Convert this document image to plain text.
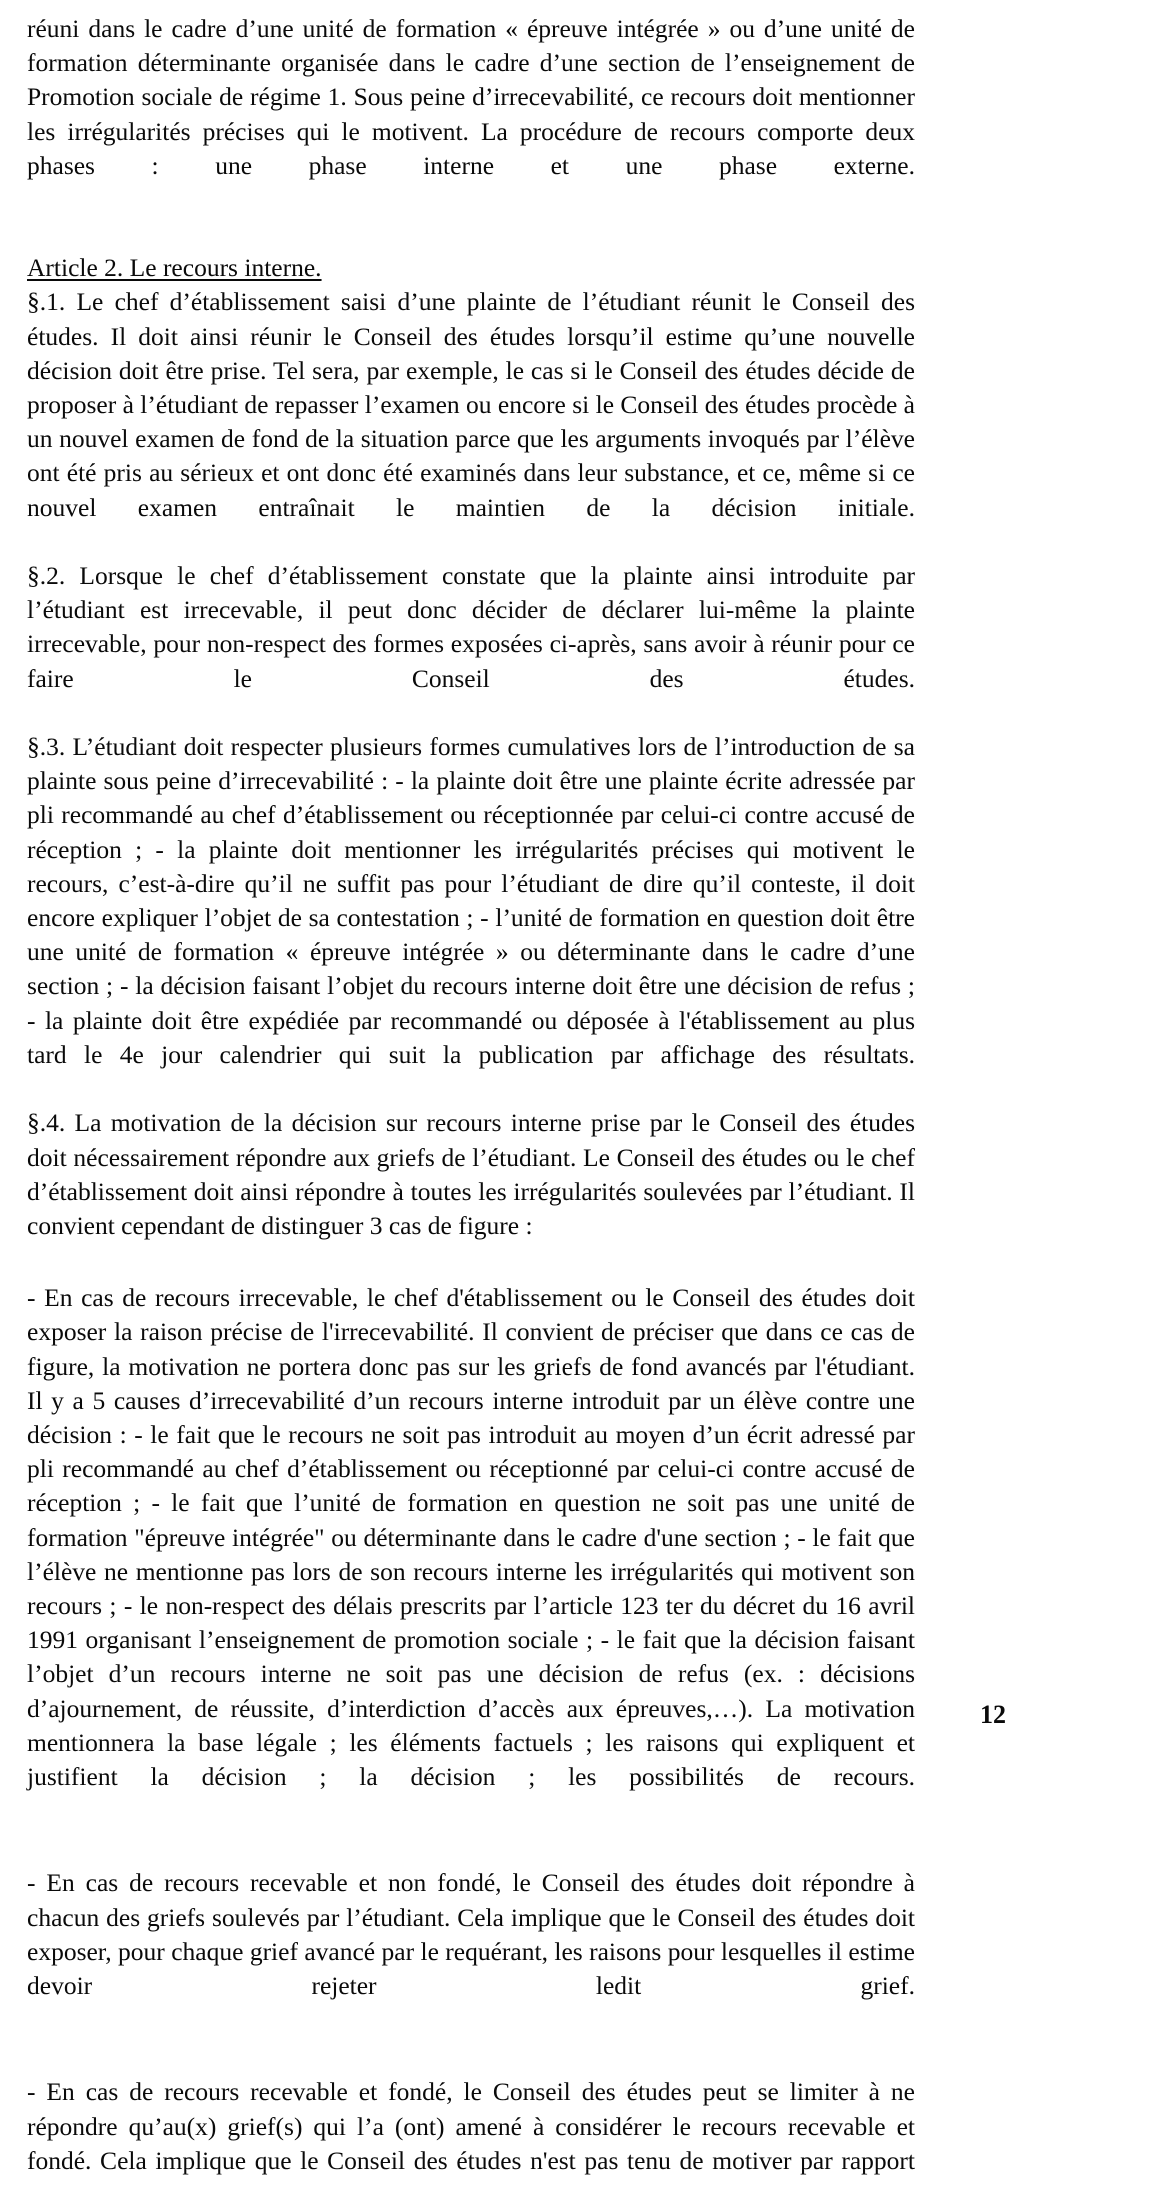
réuni dans le cadre d’une unité de formation « épreuve intégrée » ou d’une unité de formation déterminante organisée dans le cadre d’une section de l’enseignement de Promotion sociale de régime 1. Sous peine d’irrecevabilité, ce recours doit mentionner les irrégularités précises qui le motivent. La procédure de recours comporte deux phases : une phase interne et une phase externe.

Article 2. Le recours interne.

§.1. Le chef d’établissement saisi d’une plainte de l’étudiant réunit le Conseil des études. Il doit ainsi réunir le Conseil des études lorsqu’il estime qu’une nouvelle décision doit être prise. Tel sera, par exemple, le cas si le Conseil des études décide de proposer à l’étudiant de repasser l’examen ou encore si le Conseil des études procède à un nouvel examen de fond de la situation parce que les arguments invoqués par l’élève ont été pris au sérieux et ont donc été examinés dans leur substance, et ce, même si ce nouvel examen entraînait le maintien de la décision initiale.

§.2. Lorsque le chef d’établissement constate que la plainte ainsi introduite par l’étudiant est irrecevable, il peut donc décider de déclarer lui-même la plainte irrecevable, pour non-respect des formes exposées ci-après, sans avoir à réunir pour ce faire le Conseil des études.

§.3. L’étudiant doit respecter plusieurs formes cumulatives lors de l’introduction de sa plainte sous peine d’irrecevabilité : - la plainte doit être une plainte écrite adressée par pli recommandé au chef d’établissement ou réceptionnée par celui-ci contre accusé de réception ; - la plainte doit mentionner les irrégularités précises qui motivent le recours, c’est-à-dire qu’il ne suffit pas pour l’étudiant de dire qu’il conteste, il doit encore expliquer l’objet de sa contestation ; - l’unité de formation en question doit être une unité de formation « épreuve intégrée » ou déterminante dans le cadre d’une section ; - la décision faisant l’objet du recours interne doit être une décision de refus ; - la plainte doit être expédiée par recommandé ou déposée à l'établissement au plus tard le 4e jour calendrier qui suit la publication par affichage des résultats.

§.4. La motivation de la décision sur recours interne prise par le Conseil des études doit nécessairement répondre aux griefs de l’étudiant. Le Conseil des études ou le chef d’établissement doit ainsi répondre à toutes les irrégularités soulevées par l’étudiant. Il convient cependant de distinguer 3 cas de figure :

- En cas de recours irrecevable, le chef d'établissement ou le Conseil des études doit exposer la raison précise de l'irrecevabilité. Il convient de préciser que dans ce cas de figure, la motivation ne portera donc pas sur les griefs de fond avancés par l'étudiant. Il y a 5 causes d’irrecevabilité d’un recours interne introduit par un élève contre une décision : - le fait que le recours ne soit pas introduit au moyen d’un écrit adressé par pli recommandé au chef d’établissement ou réceptionné par celui-ci contre accusé de réception ; - le fait que l’unité de formation en question ne soit pas une unité de formation "épreuve intégrée" ou déterminante dans le cadre d'une section ; - le fait que l’élève ne mentionne pas lors de son recours interne les irrégularités qui motivent son recours ; - le non-respect des délais prescrits par l’article 123 ter du décret du 16 avril 1991 organisant l’enseignement de promotion sociale ; - le fait que la décision faisant l’objet d’un recours interne ne soit pas une décision de refus (ex. : décisions d’ajournement, de réussite, d’interdiction d’accès aux épreuves,…). La motivation mentionnera la base légale ; les éléments factuels ; les raisons qui expliquent et justifient la décision ; la décision ; les possibilités de recours.

- En cas de recours recevable et non fondé, le Conseil des études doit répondre à chacun des griefs soulevés par l’étudiant. Cela implique que le Conseil des études doit exposer, pour chaque grief avancé par le requérant, les raisons pour lesquelles il estime devoir rejeter ledit grief.

- En cas de recours recevable et fondé, le Conseil des études peut se limiter à ne répondre qu’au(x) grief(s) qui l’a (ont) amené à considérer le recours recevable et fondé. Cela implique que le Conseil des études n'est pas tenu de motiver par rapport

12
